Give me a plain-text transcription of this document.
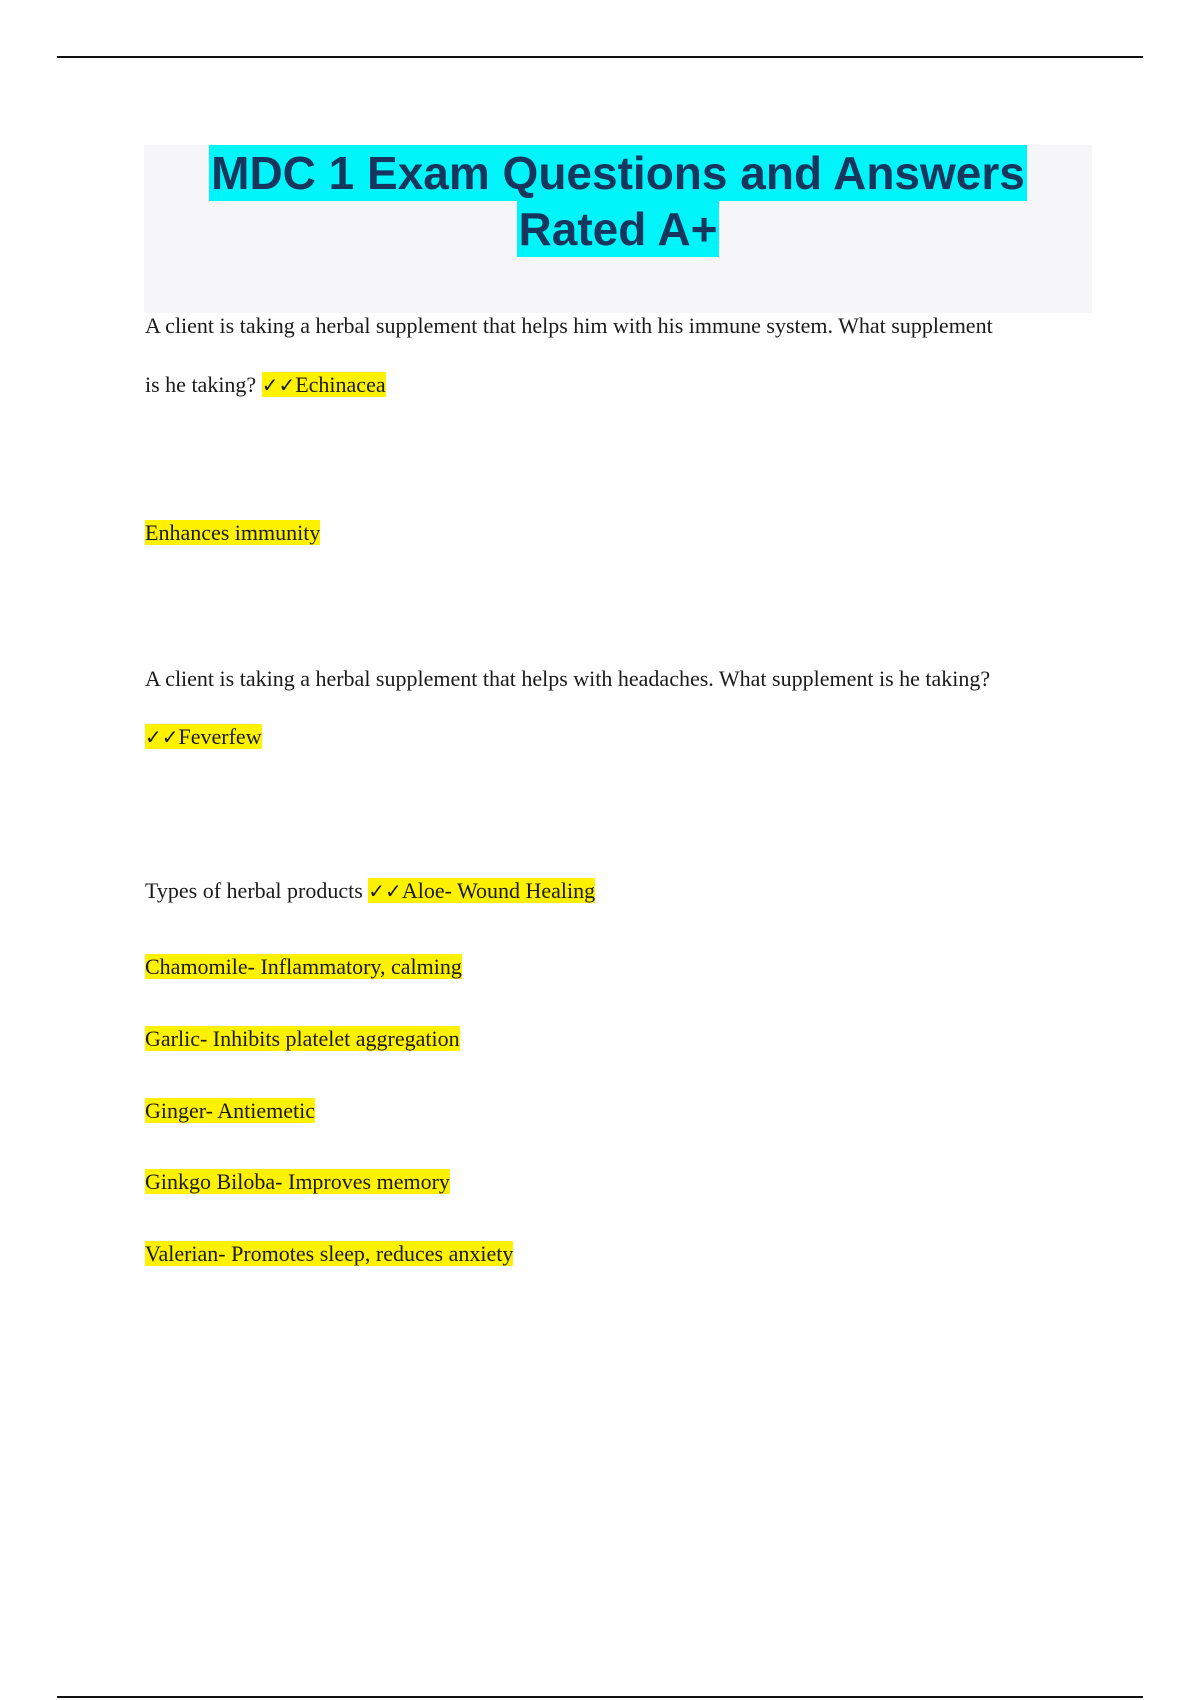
MDC 1 Exam Questions and Answers
Rated A+
A client is taking a herbal supplement that helps him with his immune system. What supplement
is he taking? ✓✓Echinacea
Enhances immunity
A client is taking a herbal supplement that helps with headaches. What supplement is he taking?
✓✓Feverfew
Types of herbal products ✓✓Aloe- Wound Healing
Chamomile- Inflammatory, calming
Garlic- Inhibits platelet aggregation
Ginger- Antiemetic
Ginkgo Biloba- Improves memory
Valerian- Promotes sleep, reduces anxiety
